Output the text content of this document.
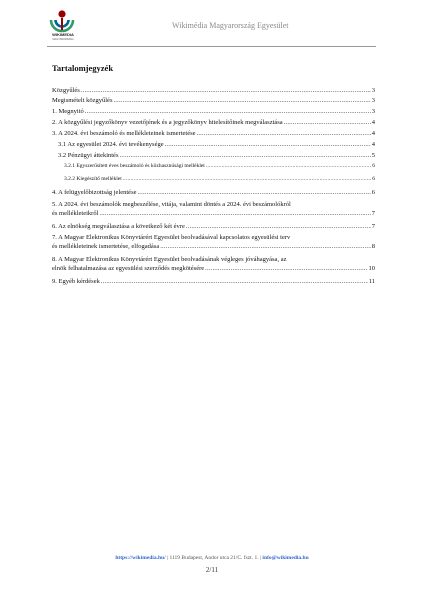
WIKIMEDIA
MAGYARORSZÁG
Wikimédia Magyarország Egyesület
Tartalomjegyzék
Közgyűlés .....	3
Megismételt közgyűlés .....	3
1. Megnyitó .....	3
2. A közgyűlési jegyzőkönyv vezetőjének és a jegyzőkönyv hitelesítőinek megválasztása .....	4
3. A 2024. évi beszámoló és mellékleteinek ismertetése .....	4
3.1 Az egyesület 2024. évi tevékenysége .....	4
3.2 Pénzügyi áttekintés .....	5
3.2.1 Egyszerűsített éves beszámoló és közhasznúsági melléklet .....	6
3.2.2 Kiegészítő melléklet .....	6
4. A felügyelőbizottság jelentése .....	6
5. A 2024. évi beszámolók megbeszélése, vitája, valamint döntés a 2024. évi beszámolókról
és mellékleteikről .....	7
6. Az elnökség megválasztása a következő két évre .....	7
7. A Magyar Elektronikus Könyvtárért Egyesület beolvadásával kapcsolatos egyesülési terv
és mellékleteinek ismertetése, elfogadása .....	8
8. A Magyar Elektronikus Könyvtárért Egyesület beolvadásának végleges jóváhagyása, az
elnök felhatalmazása az egyesülési szerződés megkötésére .....	10
9. Egyéb kérdések .....	11
https://wikimedia.hu/ | 1119 Budapest, Andor utca 21/C. fszt. 1. | info@wikimedia.hu
2/11
